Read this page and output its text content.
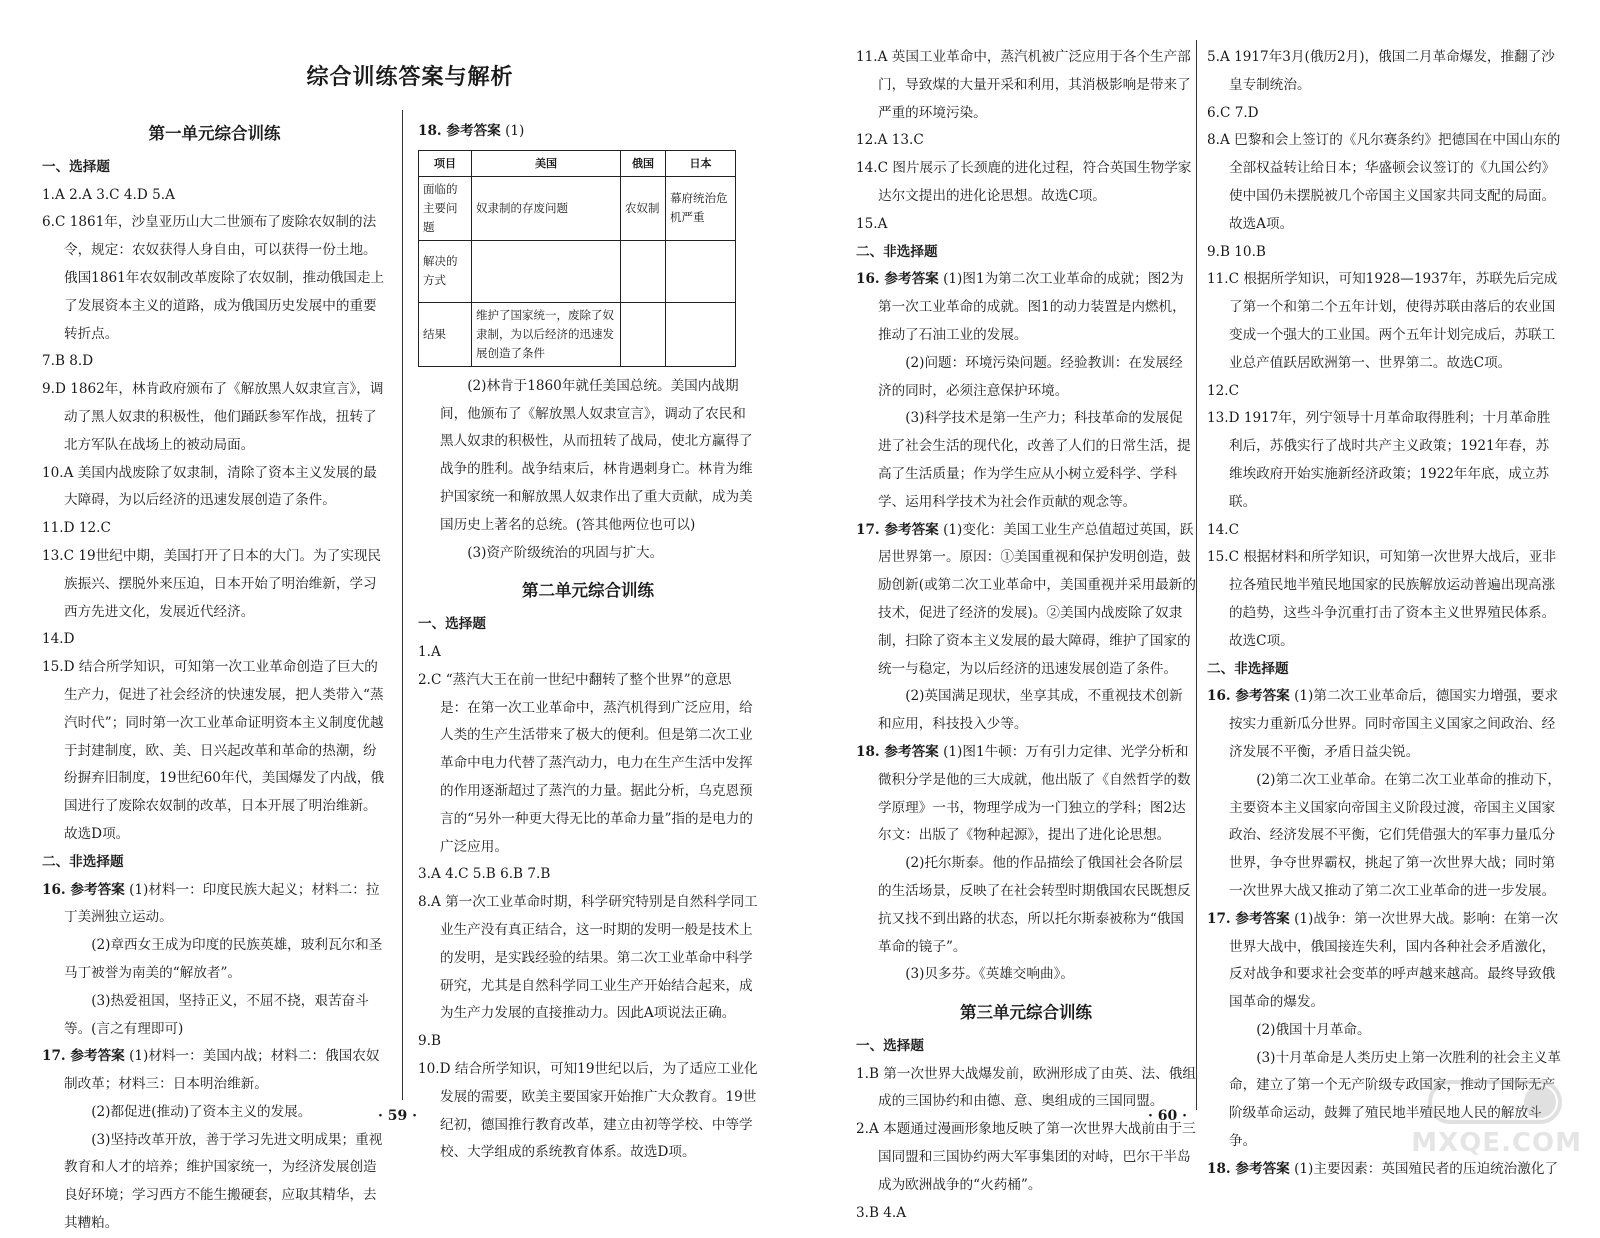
综合训练答案与解析
第一单元综合训练
一、选择题

1.A 2.A 3.C 4.D 5.A

6.C 1861年，沙皇亚历山大二世颁布了废除农奴制的法令，规定：农奴获得人身自由，可以获得一份土地。俄国1861年农奴制改革废除了农奴制，推动俄国走上了发展资本主义的道路，成为俄国历史发展中的重要转折点。

7.B 8.D

9.D 1862年，林肯政府颁布了《解放黑人奴隶宣言》，调动了黑人奴隶的积极性，他们踊跃参军作战，扭转了北方军队在战场上的被动局面。

10.A 美国内战废除了奴隶制，清除了资本主义发展的最大障碍，为以后经济的迅速发展创造了条件。

11.D 12.C

13.C 19世纪中期，美国打开了日本的大门。为了实现民族振兴、摆脱外来压迫，日本开始了明治维新，学习西方先进文化，发展近代经济。

14.D

15.D 结合所学知识，可知第一次工业革命创造了巨大的生产力，促进了社会经济的快速发展，把人类带入“蒸汽时代”；同时第一次工业革命证明资本主义制度优越于封建制度，欧、美、日兴起改革和革命的热潮，纷纷摒弃旧制度，19世纪60年代，美国爆发了内战，俄国进行了废除农奴制的改革，日本开展了明治维新。故选D项。

二、非选择题

16. 参考答案 (1)材料一：印度民族大起义；材料二：拉丁美洲独立运动。

(2)章西女王成为印度的民族英雄，玻利瓦尔和圣马丁被誉为南美的“解放者”。

(3)热爱祖国，坚持正义，不屈不挠，艰苦奋斗等。(言之有理即可)

17. 参考答案 (1)材料一：美国内战；材料二：俄国农奴制改革；材料三：日本明治维新。

(2)都促进(推动)了资本主义的发展。

(3)坚持改革开放，善于学习先进文明成果；重视教育和人才的培养；维护国家统一，为经济发展创造良好环境；学习西方不能生搬硬套，应取其精华，去其糟粕。

18. 参考答案 (1)

项目	美国	俄国	日本
面临的主要问题	奴隶制的存废问题	农奴制	幕府统治危机严重
解决的方式			
结果	维护了国家统一，废除了奴隶制，为以后经济的迅速发展创造了条件		

(2)林肯于1860年就任美国总统。美国内战期间，他颁布了《解放黑人奴隶宣言》，调动了农民和黑人奴隶的积极性，从而扭转了战局，使北方赢得了战争的胜利。战争结束后，林肯遇刺身亡。林肯为维护国家统一和解放黑人奴隶作出了重大贡献，成为美国历史上著名的总统。(答其他两位也可以)

(3)资产阶级统治的巩固与扩大。

第二单元综合训练
一、选择题

1.A

2.C “蒸汽大王在前一世纪中翻转了整个世界”的意思是：在第一次工业革命中，蒸汽机得到广泛应用，给人类的生产生活带来了极大的便利。但是第二次工业革命中电力代替了蒸汽动力，电力在生产生活中发挥的作用逐渐超过了蒸汽的力量。据此分析，乌克恩预言的“另外一种更大得无比的革命力量”指的是电力的广泛应用。

3.A 4.C 5.B 6.B 7.B

8.A 第一次工业革命时期，科学研究特别是自然科学同工业生产没有真正结合，这一时期的发明一般是技术上的发明，是实践经验的结果。第二次工业革命中科学研究，尤其是自然科学同工业生产开始结合起来，成为生产力发展的直接推动力。因此A项说法正确。

9.B

10.D 结合所学知识，可知19世纪以后，为了适应工业化发展的需要，欧美主要国家开始推广大众教育。19世纪初，德国推行教育改革，建立由初等学校、中等学校、大学组成的系统教育体系。故选D项。

11.A 英国工业革命中，蒸汽机被广泛应用于各个生产部门，导致煤的大量开采和利用，其消极影响是带来了严重的环境污染。

12.A 13.C

14.C 图片展示了长颈鹿的进化过程，符合英国生物学家达尔文提出的进化论思想。故选C项。

15.A

二、非选择题

16. 参考答案 (1)图1为第二次工业革命的成就；图2为第一次工业革命的成就。图1的动力装置是内燃机，推动了石油工业的发展。

(2)问题：环境污染问题。经验教训：在发展经济的同时，必须注意保护环境。

(3)科学技术是第一生产力；科技革命的发展促进了社会生活的现代化，改善了人们的日常生活，提高了生活质量；作为学生应从小树立爱科学、学科学、运用科学技术为社会作贡献的观念等。

17. 参考答案 (1)变化：美国工业生产总值超过英国，跃居世界第一。原因：①美国重视和保护发明创造，鼓励创新(或第二次工业革命中，美国重视并采用最新的技术，促进了经济的发展)。②美国内战废除了奴隶制，扫除了资本主义发展的最大障碍，维护了国家的统一与稳定，为以后经济的迅速发展创造了条件。

(2)英国满足现状，坐享其成，不重视技术创新和应用，科技投入少等。

18. 参考答案 (1)图1牛顿：万有引力定律、光学分析和微积分学是他的三大成就，他出版了《自然哲学的数学原理》一书，物理学成为一门独立的学科；图2达尔文：出版了《物种起源》，提出了进化论思想。

(2)托尔斯泰。他的作品描绘了俄国社会各阶层的生活场景，反映了在社会转型时期俄国农民既想反抗又找不到出路的状态，所以托尔斯泰被称为“俄国革命的镜子”。

(3)贝多芬。《英雄交响曲》。

第三单元综合训练
一、选择题

1.B 第一次世界大战爆发前，欧洲形成了由英、法、俄组成的三国协约和由德、意、奥组成的三国同盟。

2.A 本题通过漫画形象地反映了第一次世界大战前由于三国同盟和三国协约两大军事集团的对峙，巴尔干半岛成为欧洲战争的“火药桶”。

3.B 4.A

5.A 1917年3月(俄历2月)，俄国二月革命爆发，推翻了沙皇专制统治。

6.C 7.D

8.A 巴黎和会上签订的《凡尔赛条约》把德国在中国山东的全部权益转让给日本；华盛顿会议签订的《九国公约》使中国仍未摆脱被几个帝国主义国家共同支配的局面。故选A项。

9.B 10.B

11.C 根据所学知识，可知1928—1937年，苏联先后完成了第一个和第二个五年计划，使得苏联由落后的农业国变成一个强大的工业国。两个五年计划完成后，苏联工业总产值跃居欧洲第一、世界第二。故选C项。

12.C

13.D 1917年，列宁领导十月革命取得胜利；十月革命胜利后，苏俄实行了战时共产主义政策；1921年春，苏维埃政府开始实施新经济政策；1922年年底，成立苏联。

14.C

15.C 根据材料和所学知识，可知第一次世界大战后，亚非拉各殖民地半殖民地国家的民族解放运动普遍出现高涨的趋势，这些斗争沉重打击了资本主义世界殖民体系。故选C项。

二、非选择题

16. 参考答案 (1)第二次工业革命后，德国实力增强，要求按实力重新瓜分世界。同时帝国主义国家之间政治、经济发展不平衡，矛盾日益尖锐。

(2)第二次工业革命。在第二次工业革命的推动下，主要资本主义国家向帝国主义阶段过渡，帝国主义国家政治、经济发展不平衡，它们凭借强大的军事力量瓜分世界，争夺世界霸权，挑起了第一次世界大战；同时第一次世界大战又推动了第二次工业革命的进一步发展。

17. 参考答案 (1)战争：第一次世界大战。影响：在第一次世界大战中，俄国接连失利，国内各种社会矛盾激化，反对战争和要求社会变革的呼声越来越高。最终导致俄国革命的爆发。

(2)俄国十月革命。

(3)十月革命是人类历史上第一次胜利的社会主义革命，建立了第一个无产阶级专政国家，推动了国际无产阶级革命运动，鼓舞了殖民地半殖民地人民的解放斗争。

18. 参考答案 (1)主要因素：英国殖民者的压迫统治激化了

· 59 ·	· 60 ·
MXQE.COM
